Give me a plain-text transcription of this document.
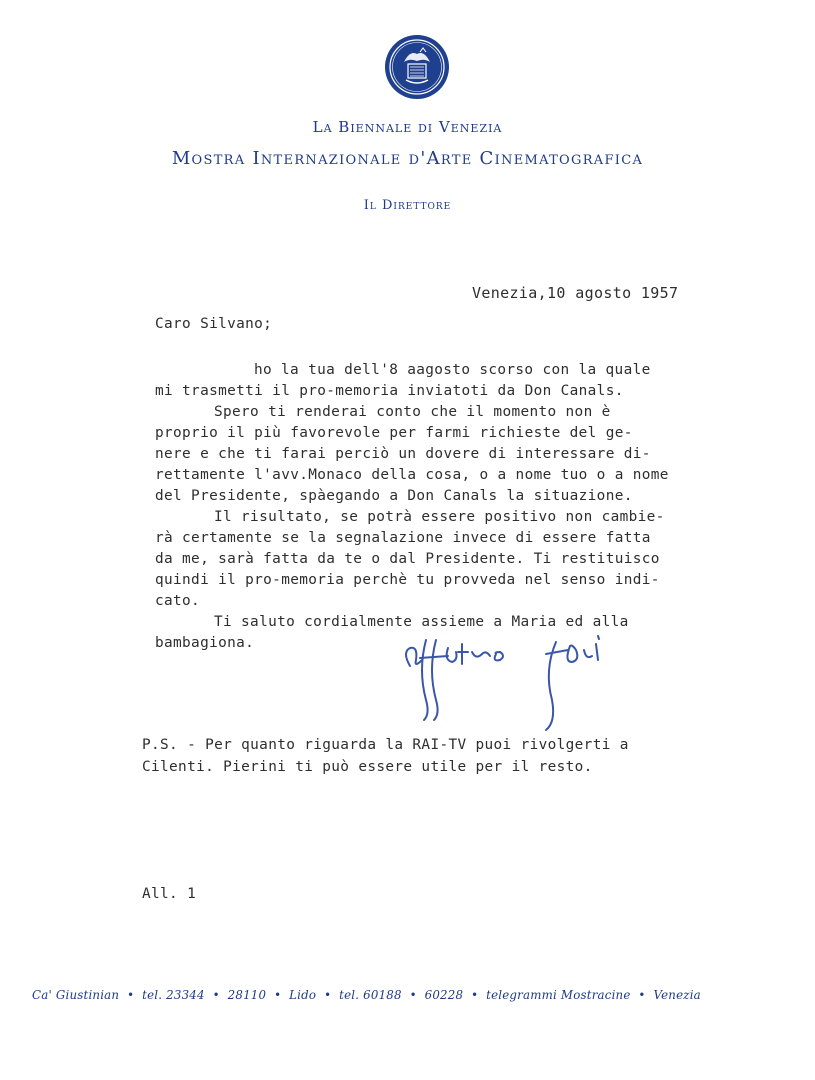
La Biennale di Venezia
Mostra Internazionale d'Arte Cinematografica
Il Direttore
Venezia,10 agosto 1957
Caro Silvano;
ho la tua dell'8 aagosto scorso con la quale
mi trasmetti il pro-memoria inviatoti da Don Canals.
Spero ti renderai conto che il momento non è
proprio il più favorevole per farmi richieste del ge-
nere e che ti farai perciò un dovere di interessare di-
rettamente l'avv.Monaco della cosa, o a nome tuo o a nome
del Presidente, spàegando a Don Canals la situazione.
Il risultato, se potrà essere positivo non cambie-
rà certamente se la segnalazione invece di essere fatta
da me, sarà fatta da te o dal Presidente. Ti restituisco
quindi il pro-memoria perchè tu provveda nel senso indi-
cato.
Ti saluto cordialmente assieme a Maria ed alla
bambagiona.
P.S. - Per quanto riguarda la RAI-TV puoi rivolgerti a
Cilenti. Pierini ti può essere utile per il resto.
All. 1
Ca' Giustinian  •  tel. 23344  •  28110  •  Lido  •  tel. 60188  •  60228  •  telegrammi Mostracine  •  Venezia
